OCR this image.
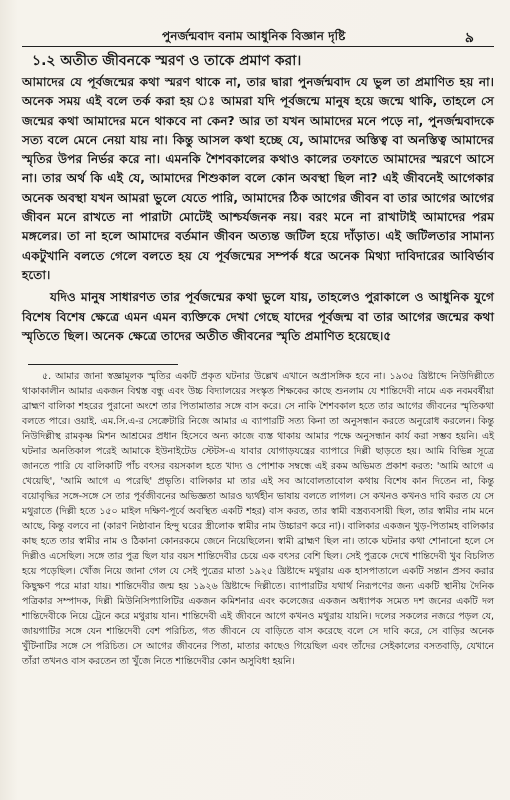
পুনর্জন্মবাদ বনাম আধুনিক বিজ্ঞান দৃষ্টি	৯
১.২ অতীত জীবনকে স্মরণ ও তাকে প্রমাণ করা।

আমাদের যে পূর্বজন্মের কথা স্মরণ থাকে না, তার দ্বারা পুনর্জন্মবাদ যে ভুল তা প্রমাণিত হয় না। অনেক সময় এই বলে তর্ক করা হয় ঃ আমরা যদি পূর্বজন্মে মানুষ হয়ে জন্মে থাকি, তাহলে সে জন্মের কথা আমাদের মনে থাকবে না কেন? আর তা যখন আমাদের মনে পড়ে না, পুনর্জন্মবাদকে সত্য বলে মেনে নেয়া যায় না। কিন্তু আসল কথা হচ্ছে যে, আমাদের অস্তিত্ব বা অনস্তিত্ব আমাদের স্মৃতির উপর নির্ভর করে না। এমনকি শৈশবকালের কথাও কালের তফাতে আমাদের স্মরণে আসে না। তার অর্থ কি এই যে, আমাদের শিশুকাল বলে কোন অবস্থা ছিল না? এই জীবনেই আগেকার অনেক অবস্থা যখন আমরা ভুলে যেতে পারি, আমাদের ঠিক আগের জীবন বা তার আগের আগের জীবন মনে রাখতে না পারাটা মোটেই আশ্চর্যজনক নয়। বরং মনে না রাখাটাই আমাদের পরম মঙ্গলের। তা না হলে আমাদের বর্তমান জীবন অত্যন্ত জটিল হয়ে দাঁড়াত। এই জটিলতার সামান্য একটুখানি বলতে গেলে বলতে হয় যে পূর্বজন্মের সম্পর্ক ধরে অনেক মিথ্যা দাবিদারের আবির্ভাব হতো।

যদিও মানুষ সাধারণত তার পূর্বজন্মের কথা ভুলে যায়, তাহলেও পুরাকালে ও আধুনিক যুগে বিশেষ বিশেষ ক্ষেত্রে এমন এমন ব্যক্তিকে দেখা গেছে যাদের পূর্বজন্ম বা তার আগের জন্মের কথা স্মৃতিতে ছিল। অনেক ক্ষেত্রে তাদের অতীত জীবনের স্মৃতি প্রমাণিত হয়েছে।৫

৫. আমার জানা স্বজ্ঞামূলক স্মৃতির একটি প্রকৃত ঘটনার উল্লেখ এখানে অপ্রাসঙ্গিক হবে না। ১৯৩৫ খ্রিষ্টাব্দে নিউদিল্লীতে থাকাকালীন আমার একজন বিশ্বস্ত বন্ধু এবং উচ্চ বিদ্যালয়ের সংস্কৃত শিক্ষকের কাছে শুনলাম যে শান্তিদেবী নামে এক নবমবর্ষীয়া ব্রাহ্মণ বালিকা শহরের পুরানো অংশে তার পিতামাতার সঙ্গে বাস করে। সে নাকি শৈশবকাল হতে তার আগের জীবনের স্মৃতিকথা বলতে পারে। ওয়াই. এম.সি.এ-র সেক্রেটারি নিজে আমার এ ব্যাপারটি সত্য কিনা তা অনুসন্ধান করতে অনুরোধ করলেন। কিন্তু নিউদিল্লীস্থ রামকৃষ্ণ মিশন আশ্রমের প্রধান হিসেবে অন্য কাজে ব্যস্ত থাকায় আমার পক্ষে অনুসন্ধান কার্য করা সম্ভব হয়নি। এই ঘটনার অনতিকাল পরেই আমাকে ইউনাইটেড স্টেটস-এ যাবার যোগাড়যন্ত্রের ব্যাপারে দিল্লী ছাড়তে হয়। আমি বিভিন্ন সূত্রে জানতে পারি যে বালিকাটি পাঁচ বৎসর বয়সকাল হতে খাদ্য ও পোশাক সম্বন্ধে এই রকম অভিমত প্রকাশ করত: 'আমি আগে এ খেয়েছি', 'আমি আগে এ পরেছি' প্রভৃতি। বালিকার মা তার এই সব আবোলতাবোল কথায় বিশেষ কান দিতেন না, কিন্তু বয়োবৃদ্ধির সঙ্গে-সঙ্গে সে তার পূর্বজীবনের অভিজ্ঞতা আরও দ্ব্যর্থহীন ভাষায় বলতে লাগল। সে কখনও কখনও দাবি করত যে সে মথুরাতে (দিল্লী হতে ১৫০ মাইল দক্ষিণ-পূর্বে অবস্থিত একটি শহর) বাস করত, তার স্বামী বস্ত্রব্যবসায়ী ছিল, তার স্বামীর নাম মনে আছে, কিন্তু বলবে না (কারণ নিষ্ঠাবান হিন্দু ঘরের স্ত্রীলোক স্বামীর নাম উচ্চারণ করে না)। বালিকার একজন খুড়-পিতামহ বালিকার কাছ হতে তার স্বামীর নাম ও ঠিকানা কোনরকমে জেনে নিয়েছিলেন। স্বামী ব্রাহ্মণ ছিল না। তাকে ঘটনার কথা শোনানো হলে সে দিল্লীও এসেছিল। সঙ্গে তার পুত্র ছিল যার বয়স শান্তিদেবীর চেয়ে এক বৎসর বেশি ছিল। সেই পুত্রকে দেখে শান্তিদেবী খুব বিচলিত হয়ে পড়েছিল। খোঁজ নিয়ে জানা গেল যে সেই পুত্রের মাতা ১৯২৫ খ্রিষ্টাব্দে মথুরায় এক হাসপাতালে একটি সন্তান প্রসব করার কিছুক্ষণ পরে মারা যায়। শান্তিদেবীর জন্ম হয় ১৯২৬ খ্রিষ্টাব্দে দিল্লীতে। ব্যাপারটির যথার্থ নিরূপণের জন্য একটি স্থানীয় দৈনিক পত্রিকার সম্পাদক, দিল্লী মিউনিসিপ্যালিটির একজন কমিশনার এবং কলেজের একজন অধ্যাপক সমেত দশ জনের একটি দল শান্তিদেবীকে নিয়ে ট্রেনে করে মথুরায় যান। শান্তিদেবী এই জীবনে আগে কখনও মথুরায় যায়নি। দলের সকলের নজরে পড়ল যে, জায়গাটির সঙ্গে যেন শান্তিদেবী বেশ পরিচিত, গত জীবনে যে বাড়িতে বাস করেছে বলে সে দাবি করে, সে বাড়ির অনেক খুঁটিনাটির সঙ্গে সে পরিচিত। সে আগের জীবনের পিতা, মাতার কাছেও গিয়েছিল এবং তাঁদের সেইকালের বসতবাড়ি, যেখানে তাঁরা তখনও বাস করতেন তা খুঁজে নিতে শান্তিদেবীর কোন অসুবিধা হয়নি।
